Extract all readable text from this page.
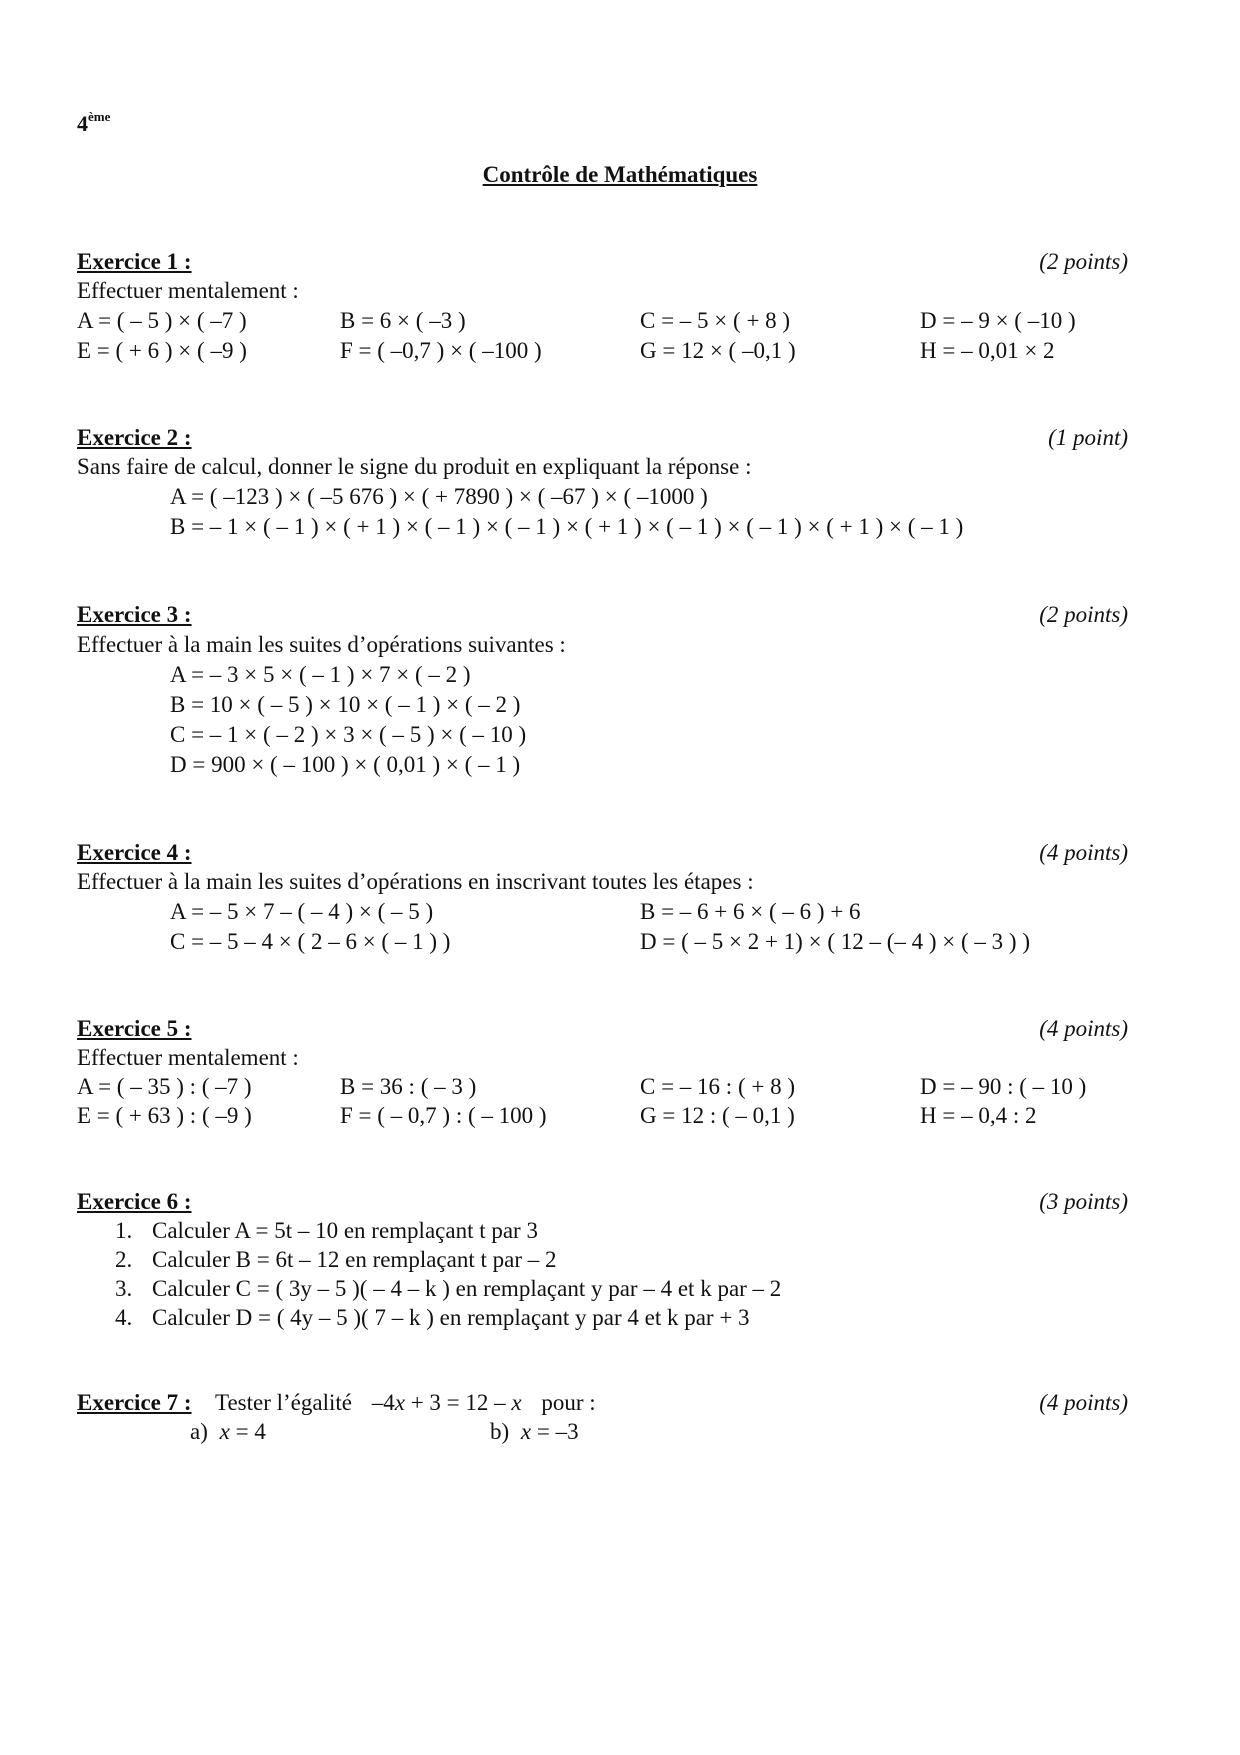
4ème
Contrôle de Mathématiques
Exercice 1 :	(2 points)
Effectuer mentalement :
A = ( – 5 ) × ( –7 )	B = 6 × ( –3 )	C = – 5 × ( + 8 )	D = – 9 × ( –10 )
E = ( + 6 ) × ( –9 )	F = ( –0,7 ) × ( –100 )	G = 12 × ( –0,1 )	H = – 0,01 × 2
Exercice 2 :	(1 point)
Sans faire de calcul, donner le signe du produit en expliquant la réponse :
A = ( –123 ) × ( –5 676 ) × ( + 7890 ) × ( –67 ) × ( –1000 )
B = – 1 × ( – 1 ) × ( + 1 ) × ( – 1 ) × ( – 1 ) × ( + 1 ) × ( – 1 ) × ( – 1 ) × ( + 1 ) × ( – 1 )
Exercice 3 :	(2 points)
Effectuer à la main les suites d’opérations suivantes :
A = – 3 × 5 × ( – 1 ) × 7 × ( – 2 )
B = 10 × ( – 5 ) × 10 × ( – 1 ) × ( – 2 )
C = – 1 × ( – 2 ) × 3 × ( – 5 ) × ( – 10 )
D = 900 × ( – 100 ) × ( 0,01 ) × ( – 1 )
Exercice 4 :	(4 points)
Effectuer à la main les suites d’opérations en inscrivant toutes les étapes :
A = – 5 × 7 – ( – 4 ) × ( – 5 )	B = – 6 + 6 × ( – 6 ) + 6
C = – 5 – 4 × ( 2 – 6 × ( – 1 ) )	D = ( – 5 × 2 + 1) × ( 12 – (– 4 ) × ( – 3 ) )
Exercice 5 :	(4 points)
Effectuer mentalement :
A = ( – 35 ) : ( –7 )	B = 36 : ( – 3 )	C = – 16 : ( + 8 )	D = – 90 : ( – 10 )
E = ( + 63 ) : ( –9 )	F = ( – 0,7 ) : ( – 100 )	G = 12 : ( – 0,1 )	H = – 0,4 : 2
Exercice 6 :	(3 points)
1. Calculer A = 5t – 10 en remplaçant t par 3
2. Calculer B = 6t – 12 en remplaçant t par – 2
3. Calculer C = ( 3y – 5 )( – 4 – k ) en remplaçant y par – 4 et k par – 2
4. Calculer D = ( 4y – 5 )( 7 – k ) en remplaçant y par 4 et k par + 3
Exercice 7 : Tester l’égalité –4x + 3 = 12 – x pour :	(4 points)
a) x = 4	b) x = –3
